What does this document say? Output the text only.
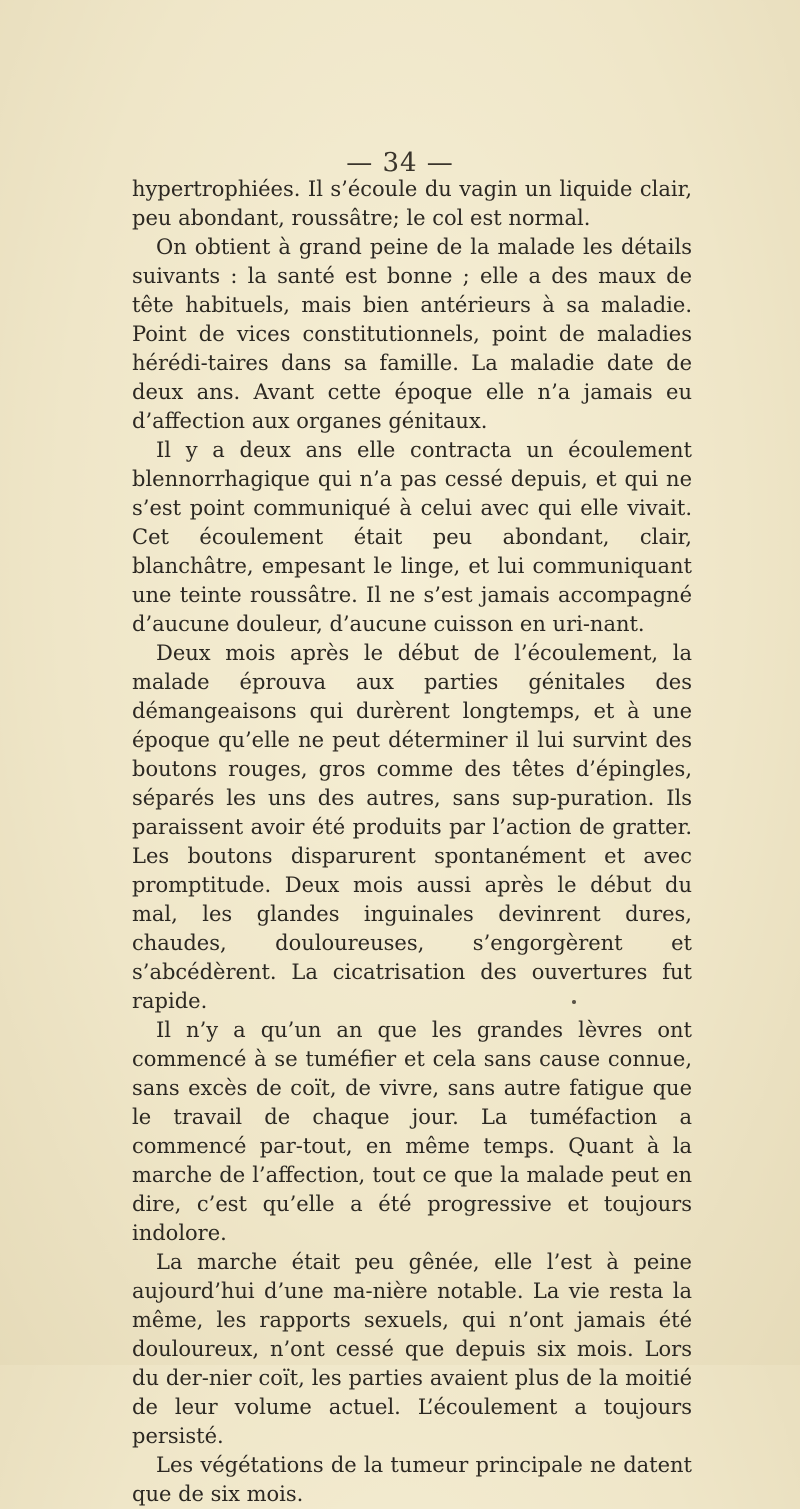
— 34 —

hypertrophiées. Il s’écoule du vagin un liquide clair, peu abondant, roussâtre; le col est normal.

On obtient à grand peine de la malade les détails suivants : la santé est bonne ; elle a des maux de tête habituels, mais bien antérieurs à sa maladie. Point de vices constitutionnels, point de maladies hérédi-taires dans sa famille. La maladie date de deux ans. Avant cette époque elle n’a jamais eu d’affection aux organes génitaux.

Il y a deux ans elle contracta un écoulement blennorrhagique qui n’a pas cessé depuis, et qui ne s’est point communiqué à celui avec qui elle vivait. Cet écoulement était peu abondant, clair, blanchâtre, empesant le linge, et lui communiquant une teinte roussâtre. Il ne s’est jamais accompagné d’aucune douleur, d’aucune cuisson en uri-nant.

Deux mois après le début de l’écoulement, la malade éprouva aux parties génitales des démangeaisons qui durèrent longtemps, et à une époque qu’elle ne peut déterminer il lui survint des boutons rouges, gros comme des têtes d’épingles, séparés les uns des autres, sans sup-puration. Ils paraissent avoir été produits par l’action de gratter. Les boutons disparurent spontanément et avec promptitude. Deux mois aussi après le début du mal, les glandes inguinales devinrent dures, chaudes, douloureuses, s’engorgèrent et s’abcédèrent. La cicatrisation des ouvertures fut rapide.

Il n’y a qu’un an que les grandes lèvres ont commencé à se tuméfier et cela sans cause connue, sans excès de coït, de vivre, sans autre fatigue que le travail de chaque jour. La tuméfaction a commencé par-tout, en même temps. Quant à la marche de l’affection, tout ce que la malade peut en dire, c’est qu’elle a été progressive et toujours indolore.

La marche était peu gênée, elle l’est à peine aujourd’hui d’une ma-nière notable. La vie resta la même, les rapports sexuels, qui n’ont jamais été douloureux, n’ont cessé que depuis six mois. Lors du der-nier coït, les parties avaient plus de la moitié de leur volume actuel. L’écoulement a toujours persisté.

Les végétations de la tumeur principale ne datent que de six mois.
